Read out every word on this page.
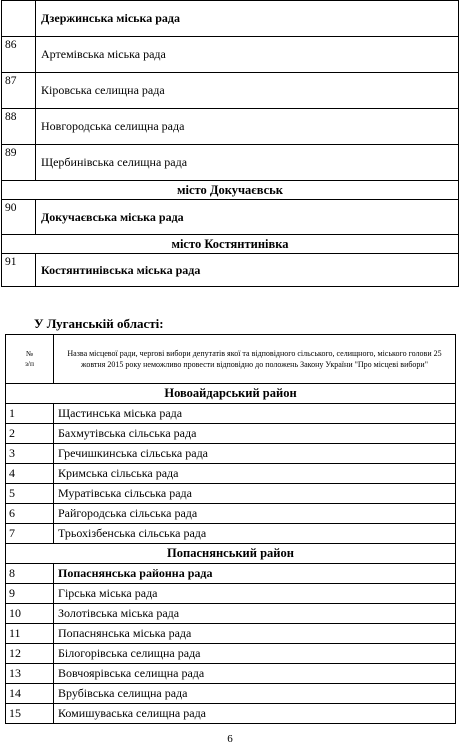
	Дзержинська міська рада
86	Артемівська міська рада
87	Кіровська селищна рада
88	Новгородська селищна рада
89	Щербинівська селищна рада
місто Докучаєвськ	
90	Докучаєвська міська рада
місто Костянтинівка	
91	Костянтинівська міська рада
У Луганській області:
№
з/п	Назва місцевої ради, чергові вибори депутатів якої та відповідного сільського, селищного, міського голови 25 жовтня 2015 року неможливо провести відповідно до положень Закону України "Про місцеві вибори"
Новоайдарський район	
1	Щастинська міська рада
2	Бахмутівська сільська рада
3	Гречишкинська сільська рада
4	Кримська сільська рада
5	Муратівська сільська рада
6	Райгородська сільська рада
7	Трьохізбенська сільська рада
Попаснянський район	
8	Попаснянська районна рада
9	Гірська міська рада
10	Золотівська міська рада
11	Попаснянська міська рада
12	Білогорівська селищна рада
13	Вовчоярівська селищна рада
14	Врубівська селищна рада
15	Комишуваська селищна рада
6
